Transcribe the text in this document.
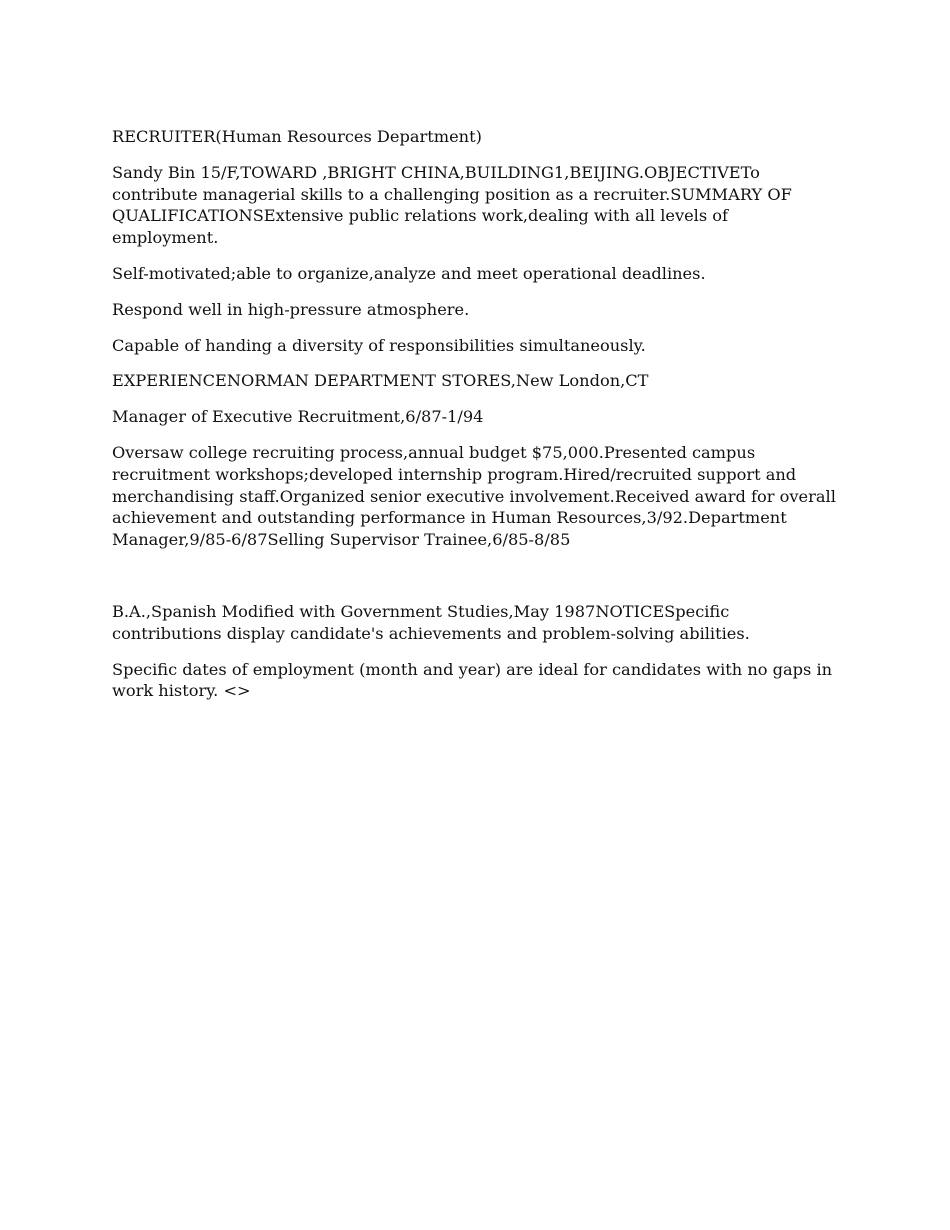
RECRUITER(Human Resources Department)

Sandy Bin 15/F,TOWARD ,BRIGHT CHINA,BUILDING1,BEIJING.OBJECTIVETo contribute managerial skills to a challenging position as a recruiter.SUMMARY OF QUALIFICATIONSExtensive public relations work,dealing with all levels of employment.

Self-motivated;able to organize,analyze and meet operational deadlines.

Respond well in high-pressure atmosphere.

Capable of handing a diversity of responsibilities simultaneously.

EXPERIENCENORMAN DEPARTMENT STORES,New London,CT

Manager of Executive Recruitment,6/87-1/94

Oversaw college recruiting process,annual budget $75,000.Presented campus recruitment workshops;developed internship program.Hired/recruited support and merchandising staff.Organized senior executive involvement.Received award for overall achievement and outstanding performance in Human Resources,3/92.Department Manager,9/85-6/87Selling Supervisor Trainee,6/85-8/85

B.A.,Spanish Modified with Government Studies,May 1987NOTICESpecific contributions display candidate's achievements and problem-solving abilities.

Specific dates of employment (month and year) are ideal for candidates with no gaps in work history. <>
